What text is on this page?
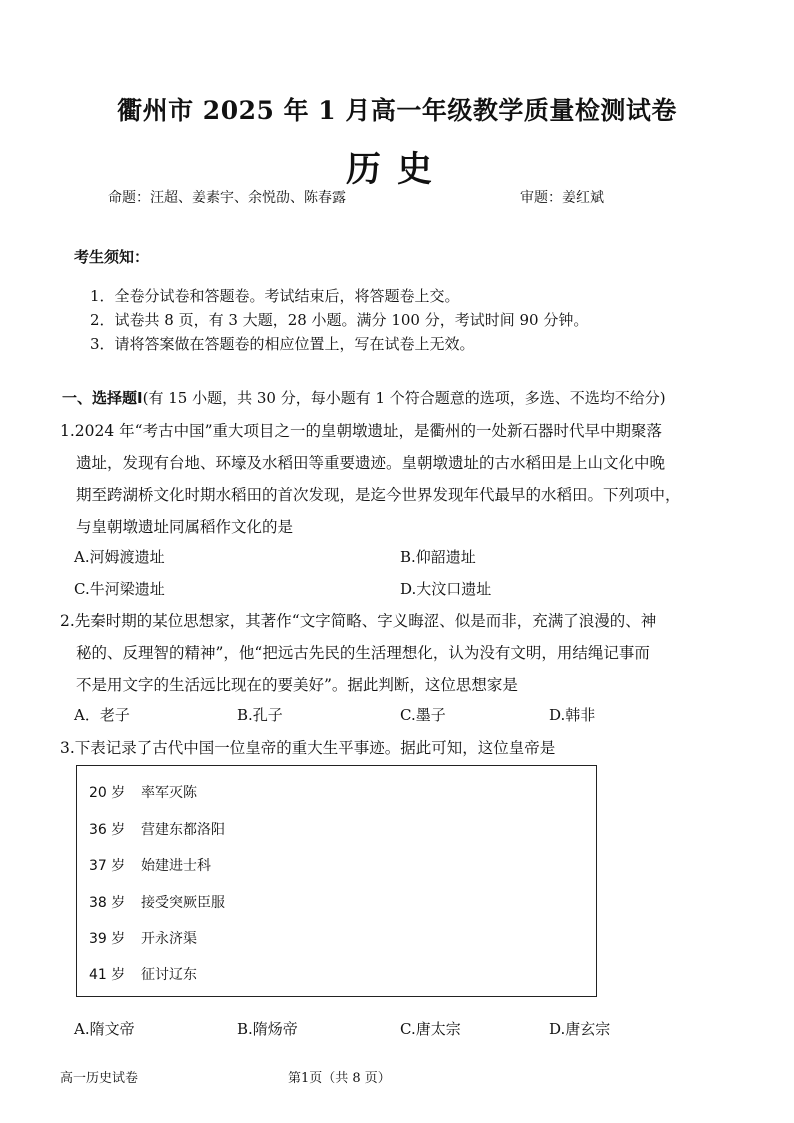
衢州市 2025 年 1 月高一年级教学质量检测试卷
历史
命题：汪超、姜素宇、余悦劭、陈春露	审题：姜红斌
考生须知：
1．全卷分试卷和答题卷。考试结束后，将答题卷上交。
2．试卷共 8 页，有 3 大题，28 小题。满分 100 分，考试时间 90 分钟。
3．请将答案做在答题卷的相应位置上，写在试卷上无效。
一、选择题Ⅰ(有 15 小题，共 30 分，每小题有 1 个符合题意的选项，多选、不选均不给分)
1.2024 年“考古中国”重大项目之一的皇朝墩遗址，是衢州的一处新石器时代早中期聚落
遗址，发现有台地、环壕及水稻田等重要遗迹。皇朝墩遗址的古水稻田是上山文化中晚
期至跨湖桥文化时期水稻田的首次发现，是迄今世界发现年代最早的水稻田。下列项中，
与皇朝墩遗址同属稻作文化的是
A.河姆渡遗址	B.仰韶遗址
C.牛河梁遗址	D.大汶口遗址
2.先秦时期的某位思想家，其著作“文字简略、字义晦涩、似是而非，充满了浪漫的、神
秘的、反理智的精神”，他“把远古先民的生活理想化，认为没有文明，用结绳记事而
不是用文字的生活远比现在的要美好”。据此判断，这位思想家是
A．老子	B.孔子	C.墨子	D.韩非
3.下表记录了古代中国一位皇帝的重大生平事迹。据此可知，这位皇帝是
20 岁 率军灭陈
36 岁 营建东都洛阳
37 岁 始建进士科
38 岁 接受突厥臣服
39 岁 开永济渠
41 岁 征讨辽东
A.隋文帝	B.隋炀帝	C.唐太宗	D.唐玄宗
高一历史试卷	第1页（共 8 页）
